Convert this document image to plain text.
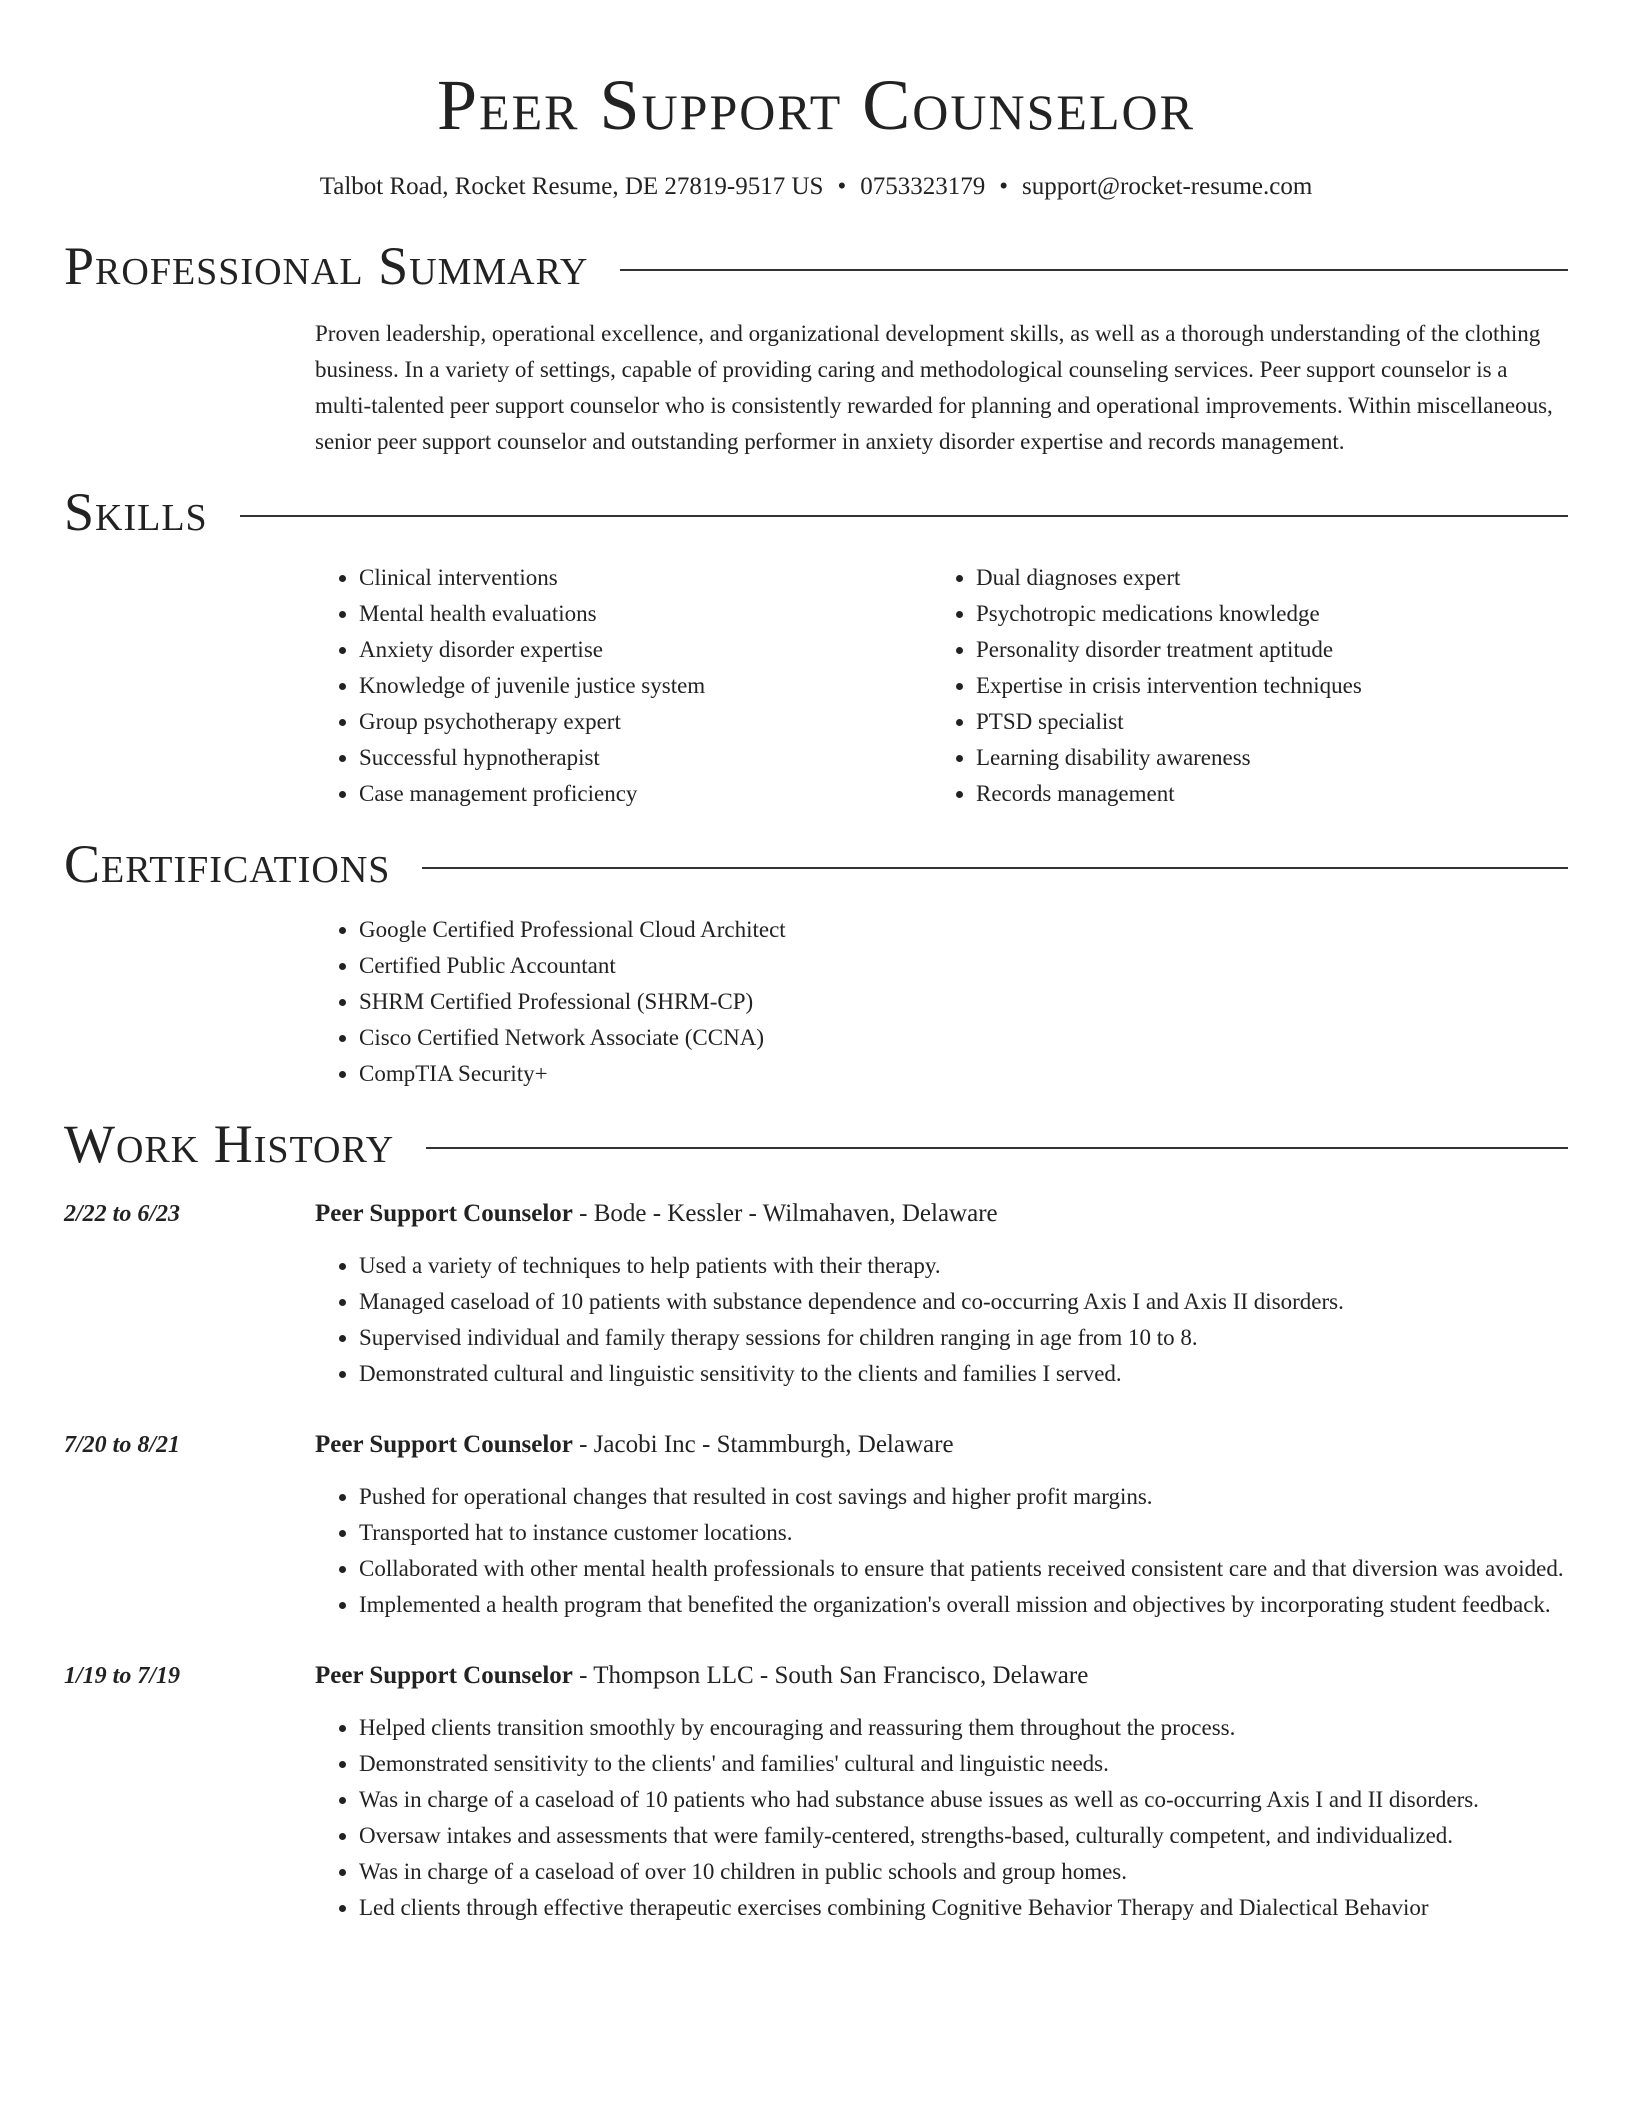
Peer Support Counselor
Talbot Road, Rocket Resume, DE 27819-9517 US • 0753323179 • support@rocket-resume.com
Professional Summary

Proven leadership, operational excellence, and organizational development skills, as well as a thorough understanding of the clothing business. In a variety of settings, capable of providing caring and methodological counseling services. Peer support counselor is a multi-talented peer support counselor who is consistently rewarded for planning and operational improvements. Within miscellaneous, senior peer support counselor and outstanding performer in anxiety disorder expertise and records management.

Skills
• Clinical interventions
• Mental health evaluations
• Anxiety disorder expertise
• Knowledge of juvenile justice system
• Group psychotherapy expert
• Successful hypnotherapist
• Case management proficiency
• Dual diagnoses expert
• Psychotropic medications knowledge
• Personality disorder treatment aptitude
• Expertise in crisis intervention techniques
• PTSD specialist
• Learning disability awareness
• Records management
Certifications
• Google Certified Professional Cloud Architect
• Certified Public Accountant
• SHRM Certified Professional (SHRM-CP)
• Cisco Certified Network Associate (CCNA)
• CompTIA Security+
Work History
2/22 to 6/23	Peer Support Counselor - Bode - Kessler - Wilmahaven, Delaware
• Used a variety of techniques to help patients with their therapy.
• Managed caseload of 10 patients with substance dependence and co-occurring Axis I and Axis II disorders.
• Supervised individual and family therapy sessions for children ranging in age from 10 to 8.
• Demonstrated cultural and linguistic sensitivity to the clients and families I served.
7/20 to 8/21	Peer Support Counselor - Jacobi Inc - Stammburgh, Delaware
• Pushed for operational changes that resulted in cost savings and higher profit margins.
• Transported hat to instance customer locations.
• Collaborated with other mental health professionals to ensure that patients received consistent care and that diversion was avoided.
• Implemented a health program that benefited the organization's overall mission and objectives by incorporating student feedback.
1/19 to 7/19	Peer Support Counselor - Thompson LLC - South San Francisco, Delaware
• Helped clients transition smoothly by encouraging and reassuring them throughout the process.
• Demonstrated sensitivity to the clients' and families' cultural and linguistic needs.
• Was in charge of a caseload of 10 patients who had substance abuse issues as well as co-occurring Axis I and II disorders.
• Oversaw intakes and assessments that were family-centered, strengths-based, culturally competent, and individualized.
• Was in charge of a caseload of over 10 children in public schools and group homes.
• Led clients through effective therapeutic exercises combining Cognitive Behavior Therapy and Dialectical Behavior
